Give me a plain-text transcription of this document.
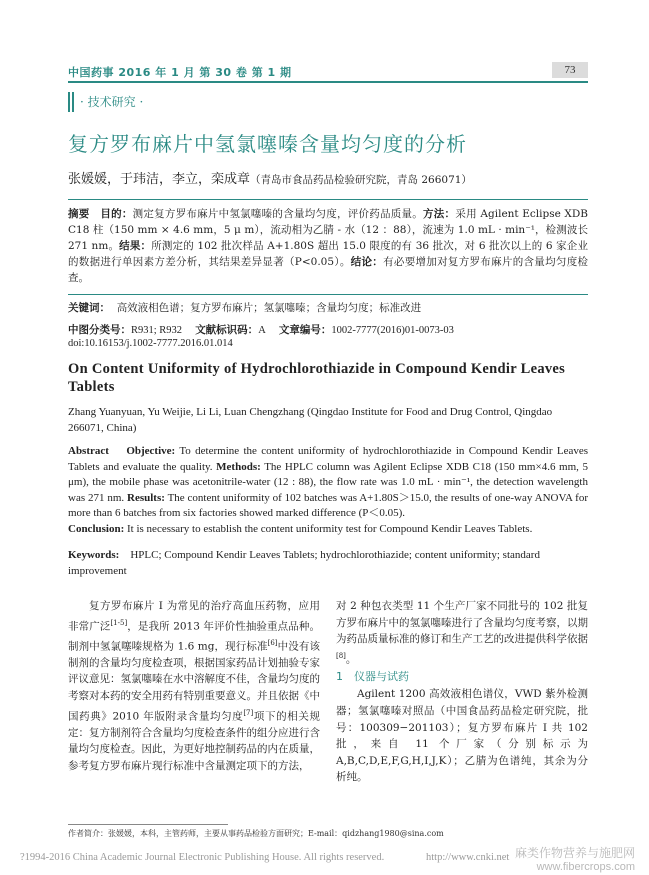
中国药事 2016 年 1 月 第 30 卷 第 1 期	73
· 技术研究 ·
复方罗布麻片中氢氯噻嗪含量均匀度的分析
张媛媛，于玮洁，李立，栾成章（青岛市食品药品检验研究院，青岛 266071）
摘要 目的：测定复方罗布麻片中氢氯噻嗪的含量均匀度，评价药品质量。方法：采用 Agilent Eclipse XDB C18 柱（150 mm × 4.6 mm，5 μ m），流动相为乙腈 - 水（12 ：88），流速为 1.0 mL · min⁻¹，检测波长 271 nm。结果：所测定的 102 批次样品 A+1.80S 超出 15.0 限度的有 36 批次，对 6 批次以上的 6 家企业的数据进行单因素方差分析，其结果差异显著（P<0.05）。结论：有必要增加对复方罗布麻片的含量均匀度检查。
关键词： 高效液相色谱；复方罗布麻片；氢氯噻嗪；含量均匀度；标准改进
中图分类号：R931; R932 文献标识码：A 文章编号：1002-7777(2016)01-0073-03
doi:10.16153/j.1002-7777.2016.01.014
On Content Uniformity of Hydrochlorothiazide in Compound Kendir Leaves Tablets
Zhang Yuanyuan, Yu Weijie, Li Li, Luan Chengzhang (Qingdao Institute for Food and Drug Control, Qingdao 266071, China)
Abstract Objective: To determine the content uniformity of hydrochlorothiazide in Compound Kendir Leaves Tablets and evaluate the quality. Methods: The HPLC column was Agilent Eclipse XDB C18 (150 mm×4.6 mm, 5 μm), the mobile phase was acetonitrile-water (12 : 88), the flow rate was 1.0 mL · min⁻¹, the detection wavelength was 271 nm. Results: The content uniformity of 102 batches was A+1.80S＞15.0, the results of one-way ANOVA for more than 6 batches from six factories showed marked difference (P＜0.05).
Conclusion: It is necessary to establish the content uniformity test for Compound Kendir Leaves Tablets.
Keywords: HPLC; Compound Kendir Leaves Tablets; hydrochlorothiazide; content uniformity; standard improvement
复方罗布麻片 I 为常见的治疗高血压药物，应用非常广泛[1-5]，是我所 2013 年评价性抽验重点品种。制剂中氢氯噻嗪规格为 1.6 mg，现行标准[6]中没有该制剂的含量均匀度检查项，根据国家药品计划抽验专家评议意见：氢氯噻嗪在水中溶解度不佳，含量均匀度的考察对本药的安全用药有特别重要意义。并且依据《中国药典》2010 年版附录含量均匀度[7]项下的相关规定：复方制剂符合含量均匀度检查条件的组分应进行含量均匀度检查。因此，为更好地控制药品的内在质量，参考复方罗布麻片现行标准中含量测定项下的方法，
对 2 种包衣类型 11 个生产厂家不同批号的 102 批复方罗布麻片中的氢氯噻嗪进行了含量均匀度考察，以期为药品质量标准的修订和生产工艺的改进提供科学依据[8]。
1　仪器与试药
Agilent 1200 高效液相色谱仪，VWD 紫外检测器；氢氯噻嗪对照品（中国食品药品检定研究院，批号：100309−201103）；复方罗布麻片 I 共 102 批，来自 11 个厂家（分别标示为 A,B,C,D,E,F,G,H,I,J,K）；乙腈为色谱纯，其余为分析纯。
作者简介：张媛媛，本科，主管药师，主要从事药品检验方面研究；E-mail：qidzhang1980@sina.com
?1994-2016 China Academic Journal Electronic Publishing House. All rights reserved.	http://www.cnki.net 麻类作物营养与施肥网
www.fibercrops.com
